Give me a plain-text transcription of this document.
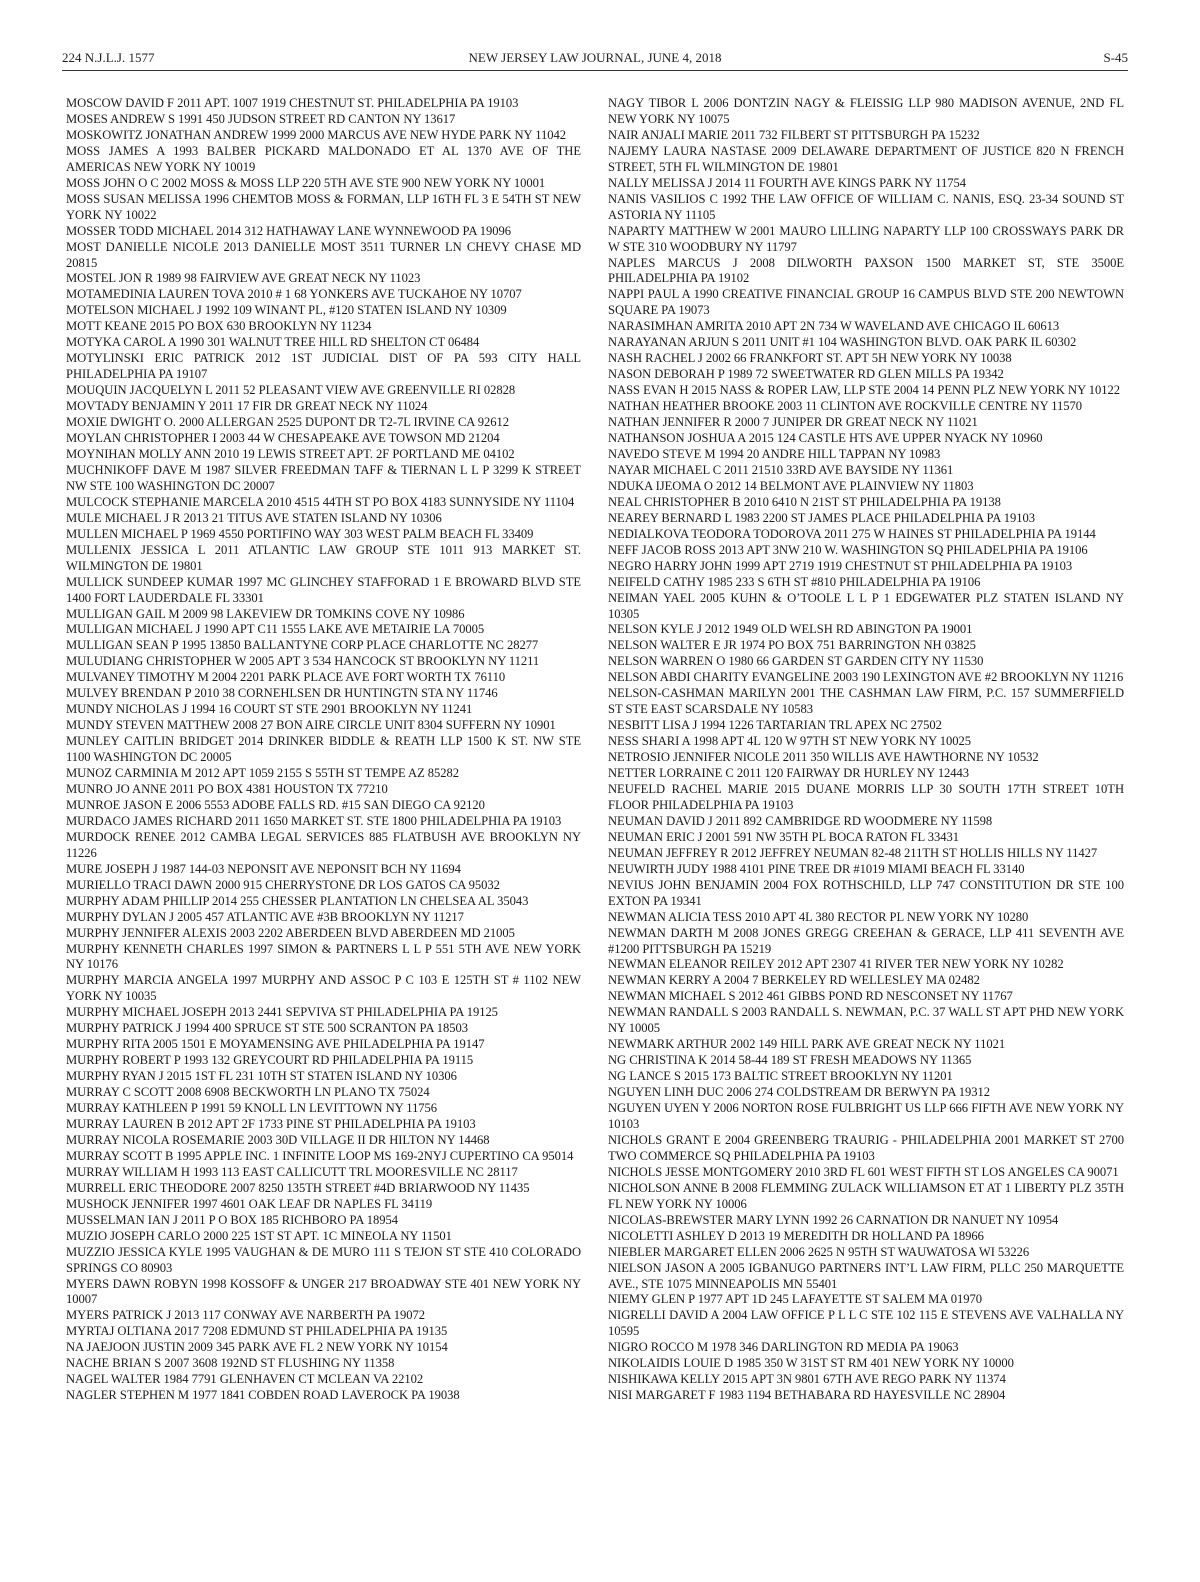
224 N.J.L.J. 1577	NEW JERSEY LAW JOURNAL, JUNE 4, 2018	S-45

MOSCOW DAVID F 2011 APT. 1007 1919 CHESTNUT ST. PHILADELPHIA PA 19103

MOSES ANDREW S 1991 450 JUDSON STREET RD CANTON NY 13617

MOSKOWITZ JONATHAN ANDREW 1999 2000 MARCUS AVE NEW HYDE PARK NY 11042

MOSS JAMES A 1993 BALBER PICKARD MALDONADO ET AL 1370 AVE OF THE AMERICAS NEW YORK NY 10019

MOSS JOHN O C 2002 MOSS & MOSS LLP 220 5TH AVE STE 900 NEW YORK NY 10001

MOSS SUSAN MELISSA 1996 CHEMTOB MOSS & FORMAN, LLP 16TH FL 3 E 54TH ST NEW YORK NY 10022

MOSSER TODD MICHAEL 2014 312 HATHAWAY LANE WYNNEWOOD PA 19096

MOST DANIELLE NICOLE 2013 DANIELLE MOST 3511 TURNER LN CHEVY CHASE MD 20815

MOSTEL JON R 1989 98 FAIRVIEW AVE GREAT NECK NY 11023

MOTAMEDINIA LAUREN TOVA 2010 # 1 68 YONKERS AVE TUCKAHOE NY 10707

MOTELSON MICHAEL J 1992 109 WINANT PL, #120 STATEN ISLAND NY 10309

MOTT KEANE 2015 PO BOX 630 BROOKLYN NY 11234

MOTYKA CAROL A 1990 301 WALNUT TREE HILL RD SHELTON CT 06484

MOTYLINSKI ERIC PATRICK 2012 1ST JUDICIAL DIST OF PA 593 CITY HALL PHILADELPHIA PA 19107

MOUQUIN JACQUELYN L 2011 52 PLEASANT VIEW AVE GREENVILLE RI 02828

MOVTADY BENJAMIN Y 2011 17 FIR DR GREAT NECK NY 11024

MOXIE DWIGHT O. 2000 ALLERGAN 2525 DUPONT DR T2-7L IRVINE CA 92612

MOYLAN CHRISTOPHER I 2003 44 W CHESAPEAKE AVE TOWSON MD 21204

MOYNIHAN MOLLY ANN 2010 19 LEWIS STREET APT. 2F PORTLAND ME 04102

MUCHNIKOFF DAVE M 1987 SILVER FREEDMAN TAFF & TIERNAN L L P 3299 K STREET NW STE 100 WASHINGTON DC 20007

MULCOCK STEPHANIE MARCELA 2010 4515 44TH ST PO BOX 4183 SUNNYSIDE NY 11104

MULE MICHAEL J R 2013 21 TITUS AVE STATEN ISLAND NY 10306

MULLEN MICHAEL P 1969 4550 PORTIFINO WAY 303 WEST PALM BEACH FL 33409

MULLENIX JESSICA L 2011 ATLANTIC LAW GROUP STE 1011 913 MARKET ST. WILMINGTON DE 19801

MULLICK SUNDEEP KUMAR 1997 MC GLINCHEY STAFFORAD 1 E BROWARD BLVD STE 1400 FORT LAUDERDALE FL 33301

MULLIGAN GAIL M 2009 98 LAKEVIEW DR TOMKINS COVE NY 10986

MULLIGAN MICHAEL J 1990 APT C11 1555 LAKE AVE METAIRIE LA 70005

MULLIGAN SEAN P 1995 13850 BALLANTYNE CORP PLACE CHARLOTTE NC 28277

MULUDIANG CHRISTOPHER W 2005 APT 3 534 HANCOCK ST BROOKLYN NY 11211

MULVANEY TIMOTHY M 2004 2201 PARK PLACE AVE FORT WORTH TX 76110

MULVEY BRENDAN P 2010 38 CORNEHLSEN DR HUNTINGTN STA NY 11746

MUNDY NICHOLAS J 1994 16 COURT ST STE 2901 BROOKLYN NY 11241

MUNDY STEVEN MATTHEW 2008 27 BON AIRE CIRCLE UNIT 8304 SUFFERN NY 10901

MUNLEY CAITLIN BRIDGET 2014 DRINKER BIDDLE & REATH LLP 1500 K ST. NW STE 1100 WASHINGTON DC 20005

MUNOZ CARMINIA M 2012 APT 1059 2155 S 55TH ST TEMPE AZ 85282

MUNRO JO ANNE 2011 PO BOX 4381 HOUSTON TX 77210

MUNROE JASON E 2006 5553 ADOBE FALLS RD. #15 SAN DIEGO CA 92120

MURDACO JAMES RICHARD 2011 1650 MARKET ST. STE 1800 PHILADELPHIA PA 19103

MURDOCK RENEE 2012 CAMBA LEGAL SERVICES 885 FLATBUSH AVE BROOKLYN NY 11226

MURE JOSEPH J 1987 144-03 NEPONSIT AVE NEPONSIT BCH NY 11694

MURIELLO TRACI DAWN 2000 915 CHERRYSTONE DR LOS GATOS CA 95032

MURPHY ADAM PHILLIP 2014 255 CHESSER PLANTATION LN CHELSEA AL 35043

MURPHY DYLAN J 2005 457 ATLANTIC AVE #3B BROOKLYN NY 11217

MURPHY JENNIFER ALEXIS 2003 2202 ABERDEEN BLVD ABERDEEN MD 21005

MURPHY KENNETH CHARLES 1997 SIMON & PARTNERS L L P 551 5TH AVE NEW YORK NY 10176

MURPHY MARCIA ANGELA 1997 MURPHY AND ASSOC P C 103 E 125TH ST # 1102 NEW YORK NY 10035

MURPHY MICHAEL JOSEPH 2013 2441 SEPVIVA ST PHILADELPHIA PA 19125

MURPHY PATRICK J 1994 400 SPRUCE ST STE 500 SCRANTON PA 18503

MURPHY RITA 2005 1501 E MOYAMENSING AVE PHILADELPHIA PA 19147

MURPHY ROBERT P 1993 132 GREYCOURT RD PHILADELPHIA PA 19115

MURPHY RYAN J 2015 1ST FL 231 10TH ST STATEN ISLAND NY 10306

MURRAY C SCOTT 2008 6908 BECKWORTH LN PLANO TX 75024

MURRAY KATHLEEN P 1991 59 KNOLL LN LEVITTOWN NY 11756

MURRAY LAUREN B 2012 APT 2F 1733 PINE ST PHILADELPHIA PA 19103

MURRAY NICOLA ROSEMARIE 2003 30D VILLAGE II DR HILTON NY 14468

MURRAY SCOTT B 1995 APPLE INC. 1 INFINITE LOOP MS 169-2NYJ CUPERTINO CA 95014

MURRAY WILLIAM H 1993 113 EAST CALLICUTT TRL MOORESVILLE NC 28117

MURRELL ERIC THEODORE 2007 8250 135TH STREET #4D BRIARWOOD NY 11435

MUSHOCK JENNIFER 1997 4601 OAK LEAF DR NAPLES FL 34119

MUSSELMAN IAN J 2011 P O BOX 185 RICHBORO PA 18954

MUZIO JOSEPH CARLO 2000 225 1ST ST APT. 1C MINEOLA NY 11501

MUZZIO JESSICA KYLE 1995 VAUGHAN & DE MURO 111 S TEJON ST STE 410 COLORADO SPRINGS CO 80903

MYERS DAWN ROBYN 1998 KOSSOFF & UNGER 217 BROADWAY STE 401 NEW YORK NY 10007

MYERS PATRICK J 2013 117 CONWAY AVE NARBERTH PA 19072

MYRTAJ OLTIANA 2017 7208 EDMUND ST PHILADELPHIA PA 19135

NA JAEJOON JUSTIN 2009 345 PARK AVE FL 2 NEW YORK NY 10154

NACHE BRIAN S 2007 3608 192ND ST FLUSHING NY 11358

NAGEL WALTER 1984 7791 GLENHAVEN CT MCLEAN VA 22102

NAGLER STEPHEN M 1977 1841 COBDEN ROAD LAVEROCK PA 19038

NAGY TIBOR L 2006 DONTZIN NAGY & FLEISSIG LLP 980 MADISON AVENUE, 2ND FL NEW YORK NY 10075

NAIR ANJALI MARIE 2011 732 FILBERT ST PITTSBURGH PA 15232

NAJEMY LAURA NASTASE 2009 DELAWARE DEPARTMENT OF JUSTICE 820 N FRENCH STREET, 5TH FL WILMINGTON DE 19801

NALLY MELISSA J 2014 11 FOURTH AVE KINGS PARK NY 11754

NANIS VASILIOS C 1992 THE LAW OFFICE OF WILLIAM C. NANIS, ESQ. 23-34 SOUND ST ASTORIA NY 11105

NAPARTY MATTHEW W 2001 MAURO LILLING NAPARTY LLP 100 CROSSWAYS PARK DR W STE 310 WOODBURY NY 11797

NAPLES MARCUS J 2008 DILWORTH PAXSON 1500 MARKET ST, STE 3500E PHILADELPHIA PA 19102

NAPPI PAUL A 1990 CREATIVE FINANCIAL GROUP 16 CAMPUS BLVD STE 200 NEWTOWN SQUARE PA 19073

NARASIMHAN AMRITA 2010 APT 2N 734 W WAVELAND AVE CHICAGO IL 60613

NARAYANAN ARJUN S 2011 UNIT #1 104 WASHINGTON BLVD. OAK PARK IL 60302

NASH RACHEL J 2002 66 FRANKFORT ST. APT 5H NEW YORK NY 10038

NASON DEBORAH P 1989 72 SWEETWATER RD GLEN MILLS PA 19342

NASS EVAN H 2015 NASS & ROPER LAW, LLP STE 2004 14 PENN PLZ NEW YORK NY 10122

NATHAN HEATHER BROOKE 2003 11 CLINTON AVE ROCKVILLE CENTRE NY 11570

NATHAN JENNIFER R 2000 7 JUNIPER DR GREAT NECK NY 11021

NATHANSON JOSHUA A 2015 124 CASTLE HTS AVE UPPER NYACK NY 10960

NAVEDO STEVE M 1994 20 ANDRE HILL TAPPAN NY 10983

NAYAR MICHAEL C 2011 21510 33RD AVE BAYSIDE NY 11361

NDUKA IJEOMA O 2012 14 BELMONT AVE PLAINVIEW NY 11803

NEAL CHRISTOPHER B 2010 6410 N 21ST ST PHILADELPHIA PA 19138

NEAREY BERNARD L 1983 2200 ST JAMES PLACE PHILADELPHIA PA 19103

NEDIALKOVA TEODORA TODOROVA 2011 275 W HAINES ST PHILADELPHIA PA 19144

NEFF JACOB ROSS 2013 APT 3NW 210 W. WASHINGTON SQ PHILADELPHIA PA 19106

NEGRO HARRY JOHN 1999 APT 2719 1919 CHESTNUT ST PHILADELPHIA PA 19103

NEIFELD CATHY 1985 233 S 6TH ST #810 PHILADELPHIA PA 19106

NEIMAN YAEL 2005 KUHN & O’TOOLE L L P 1 EDGEWATER PLZ STATEN ISLAND NY 10305

NELSON KYLE J 2012 1949 OLD WELSH RD ABINGTON PA 19001

NELSON WALTER E JR 1974 PO BOX 751 BARRINGTON NH 03825

NELSON WARREN O 1980 66 GARDEN ST GARDEN CITY NY 11530

NELSON ABDI CHARITY EVANGELINE 2003 190 LEXINGTON AVE #2 BROOKLYN NY 11216

NELSON-CASHMAN MARILYN 2001 THE CASHMAN LAW FIRM, P.C. 157 SUMMERFIELD ST STE EAST SCARSDALE NY 10583

NESBITT LISA J 1994 1226 TARTARIAN TRL APEX NC 27502

NESS SHARI A 1998 APT 4L 120 W 97TH ST NEW YORK NY 10025

NETROSIO JENNIFER NICOLE 2011 350 WILLIS AVE HAWTHORNE NY 10532

NETTER LORRAINE C 2011 120 FAIRWAY DR HURLEY NY 12443

NEUFELD RACHEL MARIE 2015 DUANE MORRIS LLP 30 SOUTH 17TH STREET 10TH FLOOR PHILADELPHIA PA 19103

NEUMAN DAVID J 2011 892 CAMBRIDGE RD WOODMERE NY 11598

NEUMAN ERIC J 2001 591 NW 35TH PL BOCA RATON FL 33431

NEUMAN JEFFREY R 2012 JEFFREY NEUMAN 82-48 211TH ST HOLLIS HILLS NY 11427

NEUWIRTH JUDY 1988 4101 PINE TREE DR #1019 MIAMI BEACH FL 33140

NEVIUS JOHN BENJAMIN 2004 FOX ROTHSCHILD, LLP 747 CONSTITUTION DR STE 100 EXTON PA 19341

NEWMAN ALICIA TESS 2010 APT 4L 380 RECTOR PL NEW YORK NY 10280

NEWMAN DARTH M 2008 JONES GREGG CREEHAN & GERACE, LLP 411 SEVENTH AVE #1200 PITTSBURGH PA 15219

NEWMAN ELEANOR REILEY 2012 APT 2307 41 RIVER TER NEW YORK NY 10282

NEWMAN KERRY A 2004 7 BERKELEY RD WELLESLEY MA 02482

NEWMAN MICHAEL S 2012 461 GIBBS POND RD NESCONSET NY 11767

NEWMAN RANDALL S 2003 RANDALL S. NEWMAN, P.C. 37 WALL ST APT PHD NEW YORK NY 10005

NEWMARK ARTHUR 2002 149 HILL PARK AVE GREAT NECK NY 11021

NG CHRISTINA K 2014 58-44 189 ST FRESH MEADOWS NY 11365

NG LANCE S 2015 173 BALTIC STREET BROOKLYN NY 11201

NGUYEN LINH DUC 2006 274 COLDSTREAM DR BERWYN PA 19312

NGUYEN UYEN Y 2006 NORTON ROSE FULBRIGHT US LLP 666 FIFTH AVE NEW YORK NY 10103

NICHOLS GRANT E 2004 GREENBERG TRAURIG - PHILADELPHIA 2001 MARKET ST 2700 TWO COMMERCE SQ PHILADELPHIA PA 19103

NICHOLS JESSE MONTGOMERY 2010 3RD FL 601 WEST FIFTH ST LOS ANGELES CA 90071

NICHOLSON ANNE B 2008 FLEMMING ZULACK WILLIAMSON ET AT 1 LIBERTY PLZ 35TH FL NEW YORK NY 10006

NICOLAS-BREWSTER MARY LYNN 1992 26 CARNATION DR NANUET NY 10954

NICOLETTI ASHLEY D 2013 19 MEREDITH DR HOLLAND PA 18966

NIEBLER MARGARET ELLEN 2006 2625 N 95TH ST WAUWATOSA WI 53226

NIELSON JASON A 2005 IGBANUGO PARTNERS INT’L LAW FIRM, PLLC 250 MARQUETTE AVE., STE 1075 MINNEAPOLIS MN 55401

NIEMY GLEN P 1977 APT 1D 245 LAFAYETTE ST SALEM MA 01970

NIGRELLI DAVID A 2004 LAW OFFICE P L L C STE 102 115 E STEVENS AVE VALHALLA NY 10595

NIGRO ROCCO M 1978 346 DARLINGTON RD MEDIA PA 19063

NIKOLAIDIS LOUIE D 1985 350 W 31ST ST RM 401 NEW YORK NY 10000

NISHIKAWA KELLY 2015 APT 3N 9801 67TH AVE REGO PARK NY 11374

NISI MARGARET F 1983 1194 BETHABARA RD HAYESVILLE NC 28904
